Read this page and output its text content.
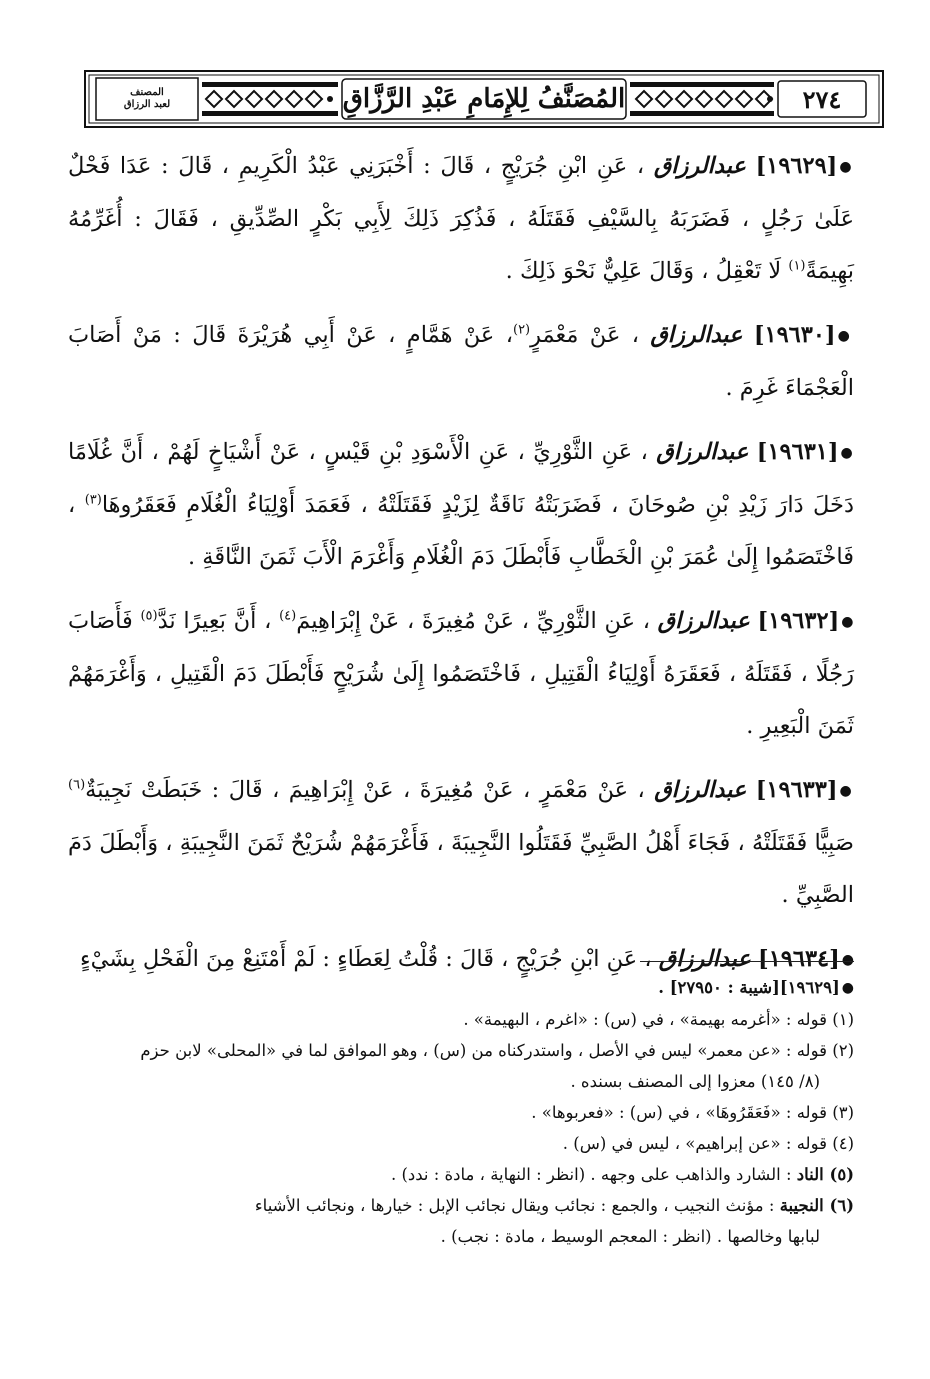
المصنف
لعبد الرزاق	المُصَنَّفُ لِلإِمَامِ عَبْدِ الرَّزَّاقِ	٢٧٤

●[١٩٦٢٩] عبدالرزاق ، عَنِ ابْنِ جُرَيْجٍ ، قَالَ : أَخْبَرَنِي عَبْدُ الْكَرِيمِ ، قَالَ : عَدَا فَحْلٌ عَلَىٰ رَجُلٍ ، فَضَرَبَهُ بِالسَّيْفِ فَقَتَلَهُ ، فَذُكِرَ ذَلِكَ لِأَبِي بَكْرٍ الصِّدِّيقِ ، فَقَالَ : أُغَرِّمُهُ بَهِيمَةً$^{(١)}$ لَا تَعْقِلُ ، وَقَالَ عَلِيٌّ نَحْوَ ذَلِكَ .

●[١٩٦٣٠] عبدالرزاق ، عَنْ مَعْمَرٍ$^{(٢)}$، عَنْ هَمَّامٍ ، عَنْ أَبِي هُرَيْرَةَ قَالَ : مَنْ أَصَابَ الْعَجْمَاءَ غَرِمَ .

●[١٩٦٣١] عبدالرزاق ، عَنِ الثَّوْرِيِّ ، عَنِ الْأَسْوَدِ بْنِ قَيْسٍ ، عَنْ أَشْيَاخٍ لَهُمْ ، أَنَّ غُلَامًا دَخَلَ دَارَ زَيْدِ بْنِ صُوحَانَ ، فَضَرَبَتْهُ نَاقَةٌ لِزَيْدٍ فَقَتَلَتْهُ ، فَعَمَدَ أَوْلِيَاءُ الْغُلَامِ فَعَقَرُوهَا$^{(٣)}$ ، فَاخْتَصَمُوا إِلَىٰ عُمَرَ بْنِ الْخَطَّابِ فَأَبْطَلَ دَمَ الْغُلَامِ وَأَغْرَمَ الْأَبَ ثَمَنَ النَّاقَةِ .

●[١٩٦٣٢] عبدالرزاق ، عَنِ الثَّوْرِيِّ ، عَنْ مُغِيرَةَ ، عَنْ إِبْرَاهِيمَ$^{(٤)}$ ، أَنَّ بَعِيرًا نَدَّ$^{(٥)}$ فَأَصَابَ رَجُلًا ، فَقَتَلَهُ ، فَعَقَرَهُ أَوْلِيَاءُ الْقَتِيلِ ، فَاخْتَصَمُوا إِلَىٰ شُرَيْحٍ فَأَبْطَلَ دَمَ الْقَتِيلِ ، وَأَغْرَمَهُمْ ثَمَنَ الْبَعِيرِ .

●[١٩٦٣٣] عبدالرزاق ، عَنْ مَعْمَرٍ ، عَنْ مُغِيرَةَ ، عَنْ إِبْرَاهِيمَ ، قَالَ : خَبَطَتْ نَجِيبَةٌ$^{(٦)}$ صَبِيًّا فَقَتَلَتْهُ ، فَجَاءَ أَهْلُ الصَّبِيِّ فَقَتَلُوا النَّجِيبَةَ ، فَأَغْرَمَهُمْ شُرَيْحٌ ثَمَنَ النَّجِيبَةِ ، وَأَبْطَلَ دَمَ الصَّبِيِّ .

●[١٩٦٣٤] عبدالرزاق ، عَنِ ابْنِ جُرَيْجٍ ، قَالَ : قُلْتُ لِعَطَاءٍ : لَمْ أَمْتَنِعْ مِنَ الْفَحْلِ بِشَيْءٍ

●[١٩٦٢٩][شيبة : ٢٧٩٥٠] .

(١) قوله : «أغرمه بهيمة» ، في (س) : «اغرم ، البهيمة» .

(٢) قوله : «عن معمر» ليس في الأصل ، واستدركناه من (س) ، وهو الموافق لما في «المحلى» لابن حزم

(٨/ ١٤٥) معزوا إلى المصنف بسنده .

(٣) قوله : «فَعَقَرُوهَا» ، في (س) : «فعربوها» .

(٤) قوله : «عن إبراهيم» ، ليس في (س) .

(٥) الناد : الشارد والذاهب على وجهه . (انظر : النهاية ، مادة : ندد) .

(٦) النجيبة : مؤنث النجيب ، والجمع : نجائب ويقال نجائب الإبل : خيارها ، ونجائب الأشياء

لبابها وخالصها . (انظر : المعجم الوسيط ، مادة : نجب) .
